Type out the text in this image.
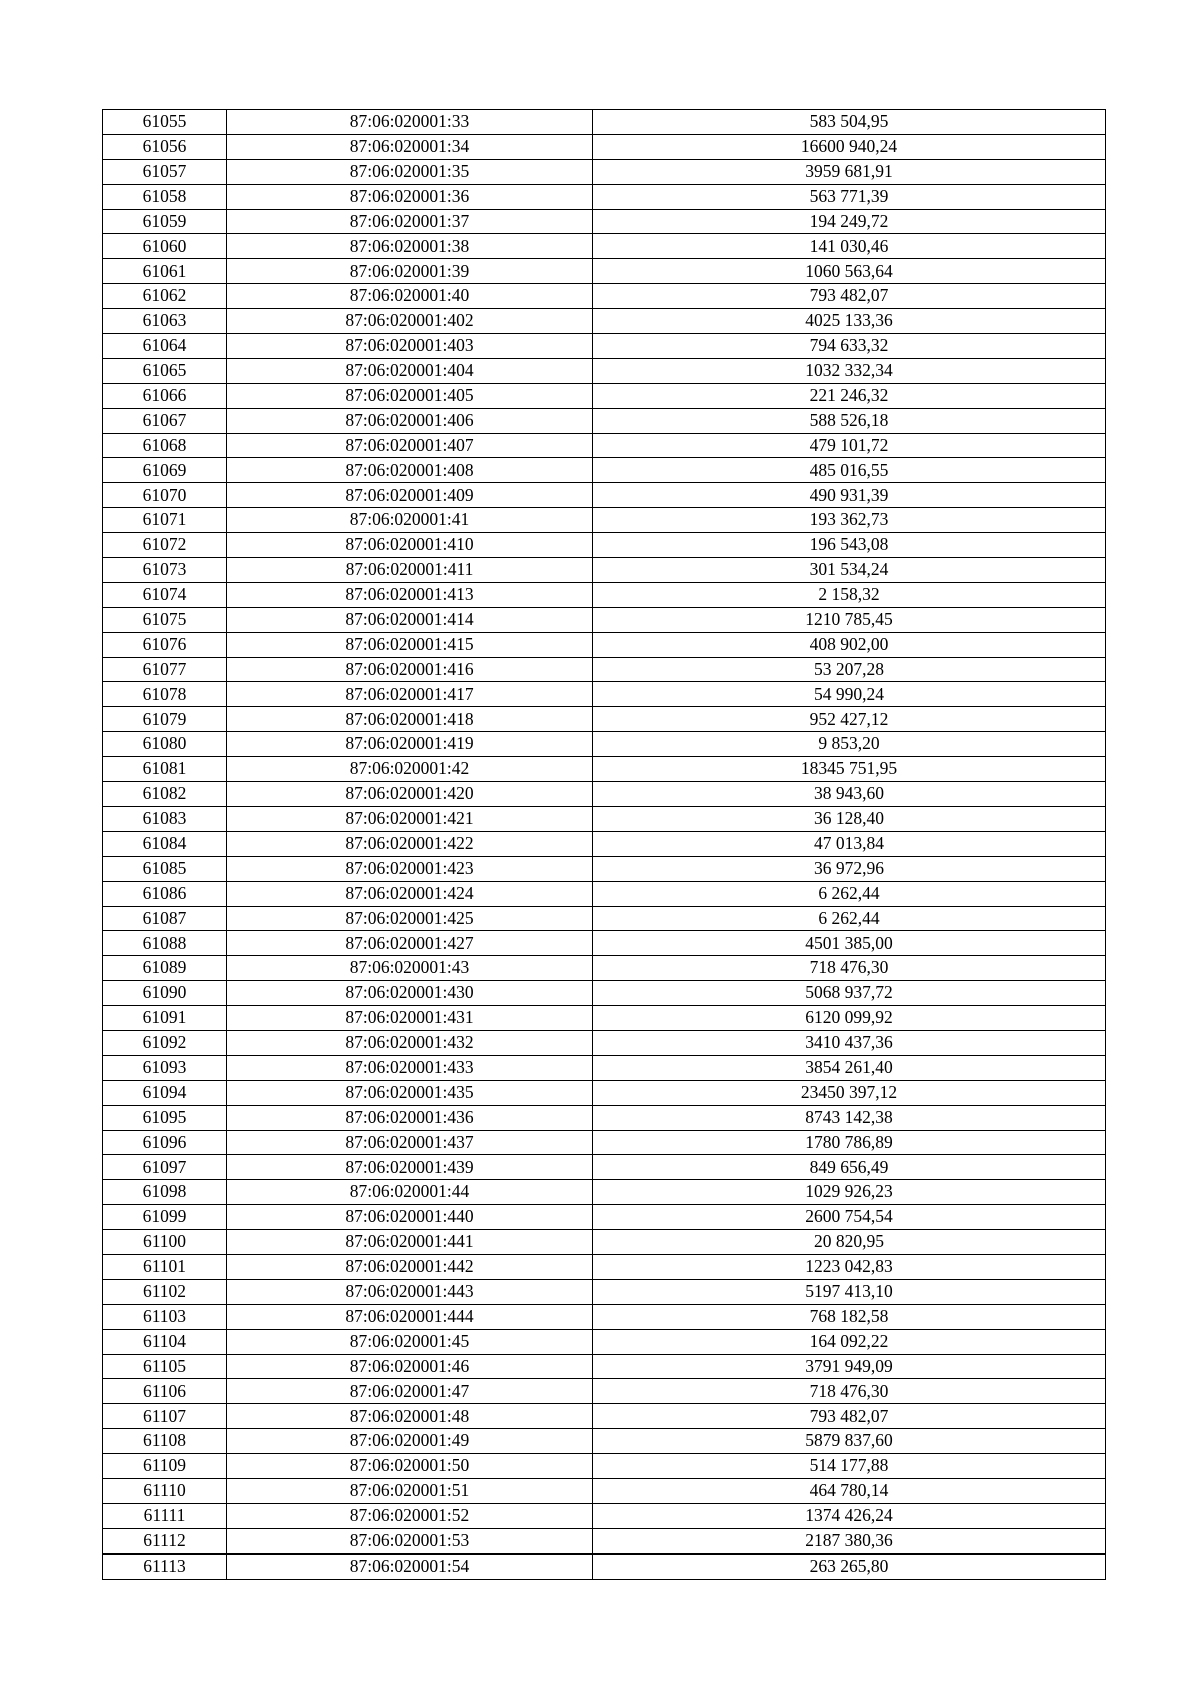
61055	87:06:020001:33	583 504,95
61056	87:06:020001:34	16600 940,24
61057	87:06:020001:35	3959 681,91
61058	87:06:020001:36	563 771,39
61059	87:06:020001:37	194 249,72
61060	87:06:020001:38	141 030,46
61061	87:06:020001:39	1060 563,64
61062	87:06:020001:40	793 482,07
61063	87:06:020001:402	4025 133,36
61064	87:06:020001:403	794 633,32
61065	87:06:020001:404	1032 332,34
61066	87:06:020001:405	221 246,32
61067	87:06:020001:406	588 526,18
61068	87:06:020001:407	479 101,72
61069	87:06:020001:408	485 016,55
61070	87:06:020001:409	490 931,39
61071	87:06:020001:41	193 362,73
61072	87:06:020001:410	196 543,08
61073	87:06:020001:411	301 534,24
61074	87:06:020001:413	2 158,32
61075	87:06:020001:414	1210 785,45
61076	87:06:020001:415	408 902,00
61077	87:06:020001:416	53 207,28
61078	87:06:020001:417	54 990,24
61079	87:06:020001:418	952 427,12
61080	87:06:020001:419	9 853,20
61081	87:06:020001:42	18345 751,95
61082	87:06:020001:420	38 943,60
61083	87:06:020001:421	36 128,40
61084	87:06:020001:422	47 013,84
61085	87:06:020001:423	36 972,96
61086	87:06:020001:424	6 262,44
61087	87:06:020001:425	6 262,44
61088	87:06:020001:427	4501 385,00
61089	87:06:020001:43	718 476,30
61090	87:06:020001:430	5068 937,72
61091	87:06:020001:431	6120 099,92
61092	87:06:020001:432	3410 437,36
61093	87:06:020001:433	3854 261,40
61094	87:06:020001:435	23450 397,12
61095	87:06:020001:436	8743 142,38
61096	87:06:020001:437	1780 786,89
61097	87:06:020001:439	849 656,49
61098	87:06:020001:44	1029 926,23
61099	87:06:020001:440	2600 754,54
61100	87:06:020001:441	20 820,95
61101	87:06:020001:442	1223 042,83
61102	87:06:020001:443	5197 413,10
61103	87:06:020001:444	768 182,58
61104	87:06:020001:45	164 092,22
61105	87:06:020001:46	3791 949,09
61106	87:06:020001:47	718 476,30
61107	87:06:020001:48	793 482,07
61108	87:06:020001:49	5879 837,60
61109	87:06:020001:50	514 177,88
61110	87:06:020001:51	464 780,14
61111	87:06:020001:52	1374 426,24
61112	87:06:020001:53	2187 380,36
61113	87:06:020001:54	263 265,80
